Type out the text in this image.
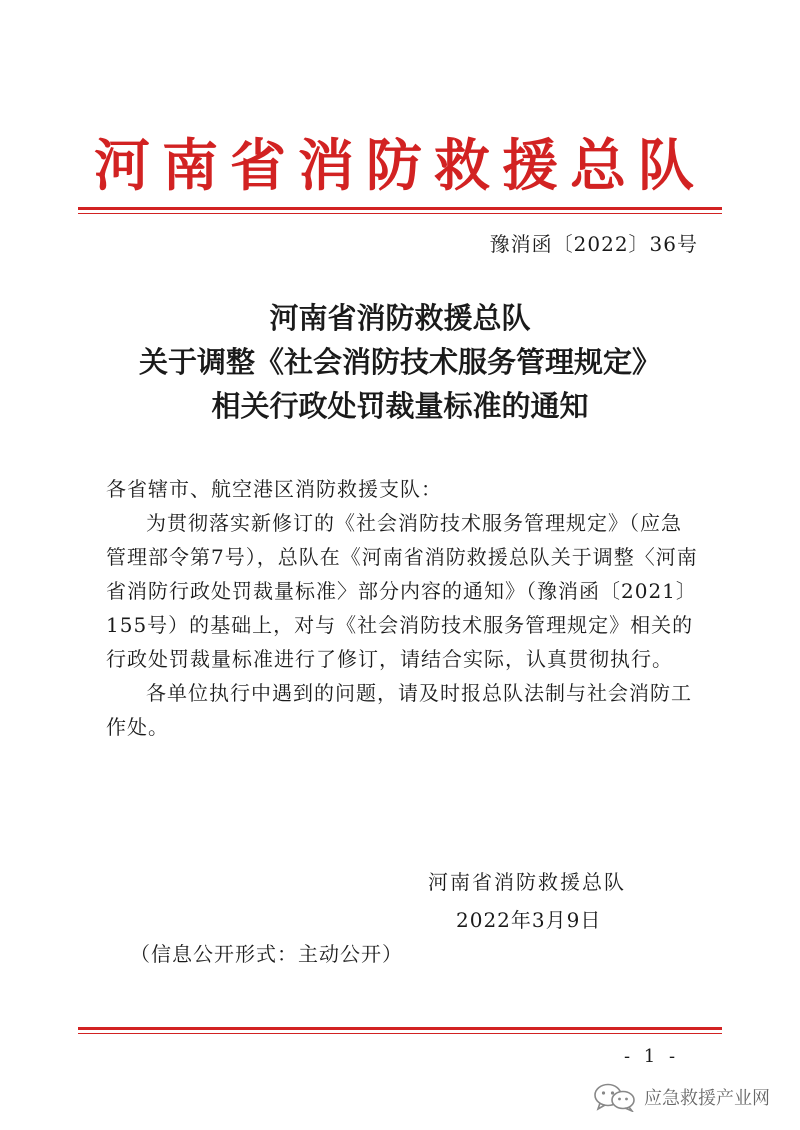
河南省消防救援总队
豫消函〔2022〕36号
河南省消防救援总队
关于调整《社会消防技术服务管理规定》
相关行政处罚裁量标准的通知

各省辖市、航空港区消防救援支队：

为贯彻落实新修订的《社会消防技术服务管理规定》（应急管理部令第7号），总队在《河南省消防救援总队关于调整〈河南省消防行政处罚裁量标准〉部分内容的通知》（豫消函〔2021〕155号）的基础上，对与《社会消防技术服务管理规定》相关的行政处罚裁量标准进行了修订，请结合实际，认真贯彻执行。

各单位执行中遇到的问题，请及时报总队法制与社会消防工作处。

河南省消防救援总队
2022年3月9日
（信息公开形式：主动公开）
- 1 -
应急救援产业网
